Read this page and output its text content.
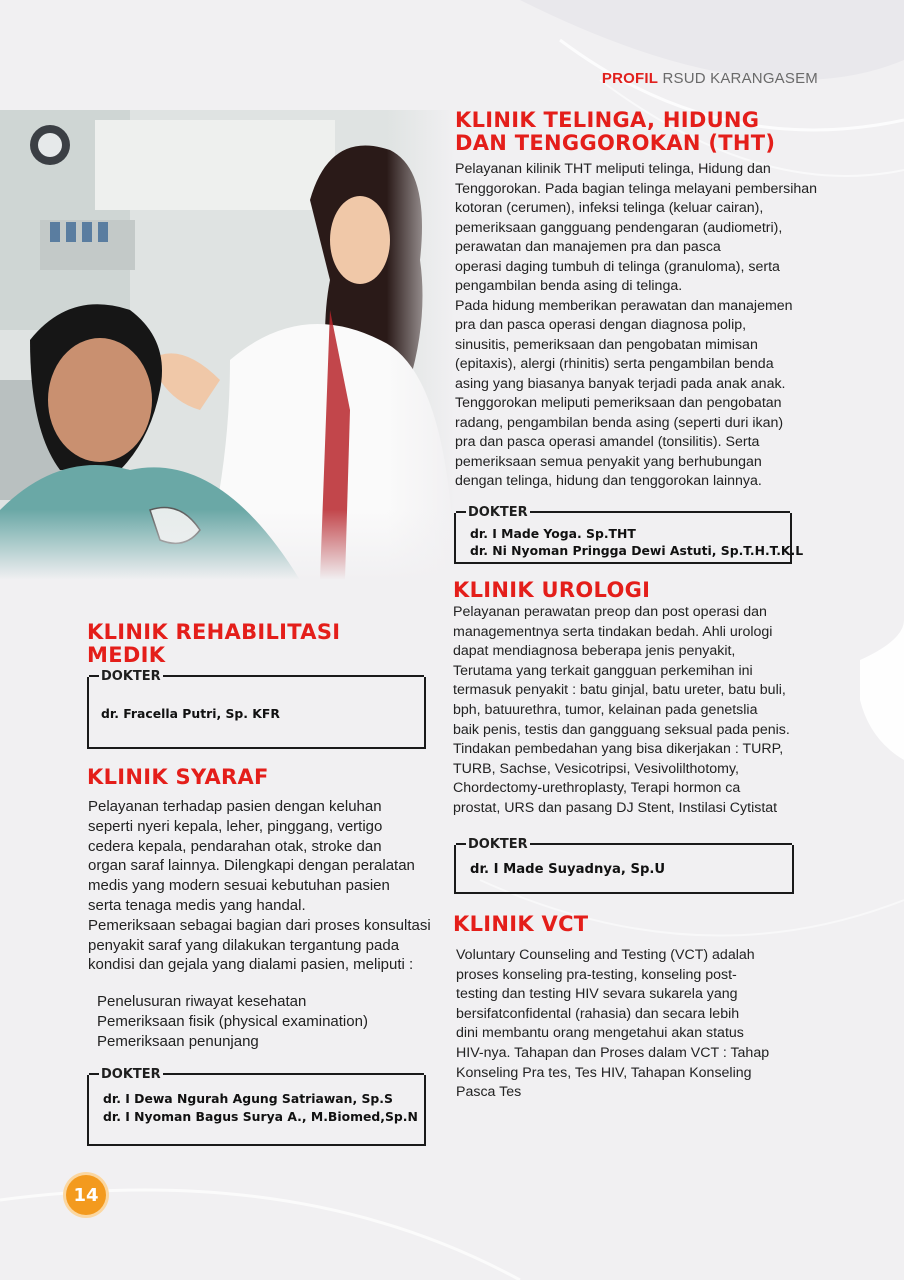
PROFIL RSUD KARANGASEM
KLINIK TELINGA, HIDUNG
DAN TENGGOROKAN (THT)

Pelayanan kilinik THT meliputi telinga, Hidung dan
Tenggorokan. Pada bagian telinga melayani pembersihan
kotoran (cerumen), infeksi telinga (keluar cairan),
pemeriksaan gangguang pendengaran (audiometri),
perawatan dan manajemen pra dan pasca
operasi daging tumbuh di telinga (granuloma), serta
pengambilan benda asing di telinga.
Pada hidung memberikan perawatan dan manajemen
pra dan pasca operasi dengan diagnosa polip,
sinusitis, pemeriksaan dan pengobatan mimisan
(epitaxis), alergi (rhinitis) serta pengambilan benda
asing yang biasanya banyak terjadi pada anak anak.
Tenggorokan meliputi pemeriksaan dan pengobatan
radang, pengambilan benda asing (seperti duri ikan)
pra dan pasca operasi amandel (tonsilitis). Serta
pemeriksaan semua penyakit yang berhubungan
dengan telinga, hidung dan tenggorokan lainnya.

DOKTER
dr. I Made Yoga. Sp.THT
dr. Ni Nyoman Pringga Dewi Astuti, Sp.T.H.T.K.L
KLINIK UROLOGI

Pelayanan perawatan preop dan post operasi dan
managementnya serta tindakan bedah. Ahli urologi
dapat mendiagnosa beberapa jenis penyakit,
Terutama yang terkait gangguan perkemihan ini
termasuk penyakit : batu ginjal, batu ureter, batu buli,
bph, batuurethra, tumor, kelainan pada genetslia
baik penis, testis dan gangguang seksual pada penis.
Tindakan pembedahan yang bisa dikerjakan : TURP,
TURB, Sachse, Vesicotripsi, Vesivolilthotomy,
Chordectomy-urethroplasty, Terapi hormon ca
prostat, URS dan pasang DJ Stent, Instilasi Cytistat

DOKTER
dr. I Made Suyadnya, Sp.U
KLINIK VCT

Voluntary Counseling and Testing (VCT) adalah
proses konseling pra-testing, konseling post-
testing dan testing HIV sevara sukarela yang
bersifatconfidental (rahasia) dan secara lebih
dini membantu orang mengetahui akan status
HIV-nya. Tahapan dan Proses dalam VCT : Tahap
Konseling Pra tes, Tes HIV, Tahapan Konseling
Pasca Tes

KLINIK REHABILITASI
MEDIK
DOKTER
dr. Fracella Putri, Sp. KFR
KLINIK SYARAF

Pelayanan terhadap pasien dengan keluhan
seperti nyeri kepala, leher, pinggang, vertigo
cedera kepala, pendarahan otak, stroke dan
organ saraf lainnya. Dilengkapi dengan peralatan
medis yang modern sesuai kebutuhan pasien
serta tenaga medis yang handal.
Pemeriksaan sebagai bagian dari proses konsultasi
penyakit saraf yang dilakukan tergantung pada
kondisi dan gejala yang dialami pasien, meliputi :

Penelusuran riwayat kesehatan
Pemeriksaan fisik (physical examination)
Pemeriksaan penunjang
DOKTER
dr. I Dewa Ngurah Agung Satriawan, Sp.S
dr. I Nyoman Bagus Surya A., M.Biomed,Sp.N
14
